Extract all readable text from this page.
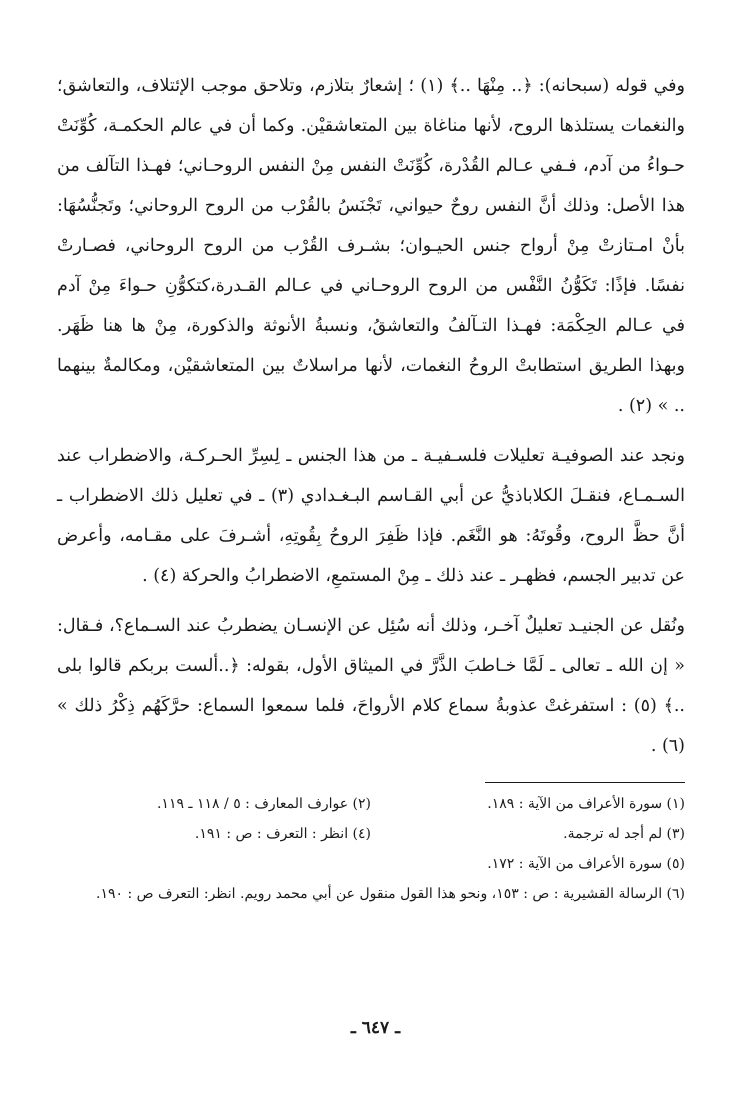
وفي قوله (سبحانه): ﴿.. مِنْهَا ..﴾ (١) ؛ إشعارٌ بتلازم، وتلاحق موجب الإئتلاف، والتعاشق؛ والنغمات يستلذها الروح، لأنها مناغاة بين المتعاشقيْن. وكما أن في عالم الحكمـة، كُوِّنَتْ حـواءُ من آدم، فـفي عـالم القُدْرة، كُوِّنَتْ النفس مِنْ النفس الروحـاني؛ فهـذا التآلف من هذا الأصل: وذلك أنَّ النفس روحٌ حيواني، تَجْنَسُ بالقُرْب من الروح الروحاني؛ وتَجنُّسُهَا: بأنْ امـتازتْ مِنْ أرواح جنس الحيـوان؛ بشـرف القُرْب من الروح الروحاني، فصـارتْ نفسًا. فإذًا: تَكَوُّنُ النَّفْس من الروح الروحـاني في عـالم القـدرة،كتكوُّنِ حـواءَ مِنْ آدم في عـالم الحِكْمَة: فهـذا التـآلفُ والتعاشقُ، ونسبةُ الأنوثة والذكورة، مِنْ ها هنا ظَهَر. وبهذا الطريق استطابتْ الروحُ النغمات، لأنها مراسلاتٌ بين المتعاشقيْن، ومكالمةٌ بينهما .. » (٢) .

ونجد عند الصوفيـة تعليلات فلسـفيـة ـ من هذا الجنس ـ لِسِرِّ الحـركـة، والاضطراب عند السـمـاع، فنقـلَ الكلاباذيُّ عن أبي القـاسم البـغـدادي (٣) ـ في تعليل ذلك الاضطراب ـ أنَّ حظَّ الروح، وقُوتَهُ: هو النَّغَم. فإذا ظَفِرَ الروحُ بِقُوتِهِ، أشـرفَ على مقـامه، وأعرض عن تدبير الجسم، فظهـر ـ عند ذلك ـ مِنْ المستمعِ، الاضطرابُ والحركة (٤) .

ونُقل عن الجنيـد تعليلٌ آخـر، وذلك أنه سُئِل عن الإنسـان يضطربُ عند السـماع؟، فـقال: « إن الله ـ تعالى ـ لَمَّا خـاطبَ الذَّرَّ في الميثاق الأول، بقوله: ﴿..ألست بربكم قالوا بلى ..﴾ (٥) : استفرغتْ عذوبةُ سماع كلام الأرواحَ، فلما سمعوا السماع: حرَّكَهُم ذِكْرُ ذلك » (٦) .

(١) سورة الأعراف من الآية : ١٨٩.
(٢) عوارف المعارف : ٥ / ١١٨ ـ ١١٩.
(٣) لم أجد له ترجمة.
(٤) انظر : التعرف : ص : ١٩١.
(٥) سورة الأعراف من الآية : ١٧٢.
(٦) الرسالة القشيرية : ص : ١٥٣، ونحو هذا القول منقول عن أبي محمد رويم. انظر: التعرف ص : ١٩٠.
ـ ٦٤٧ ـ
